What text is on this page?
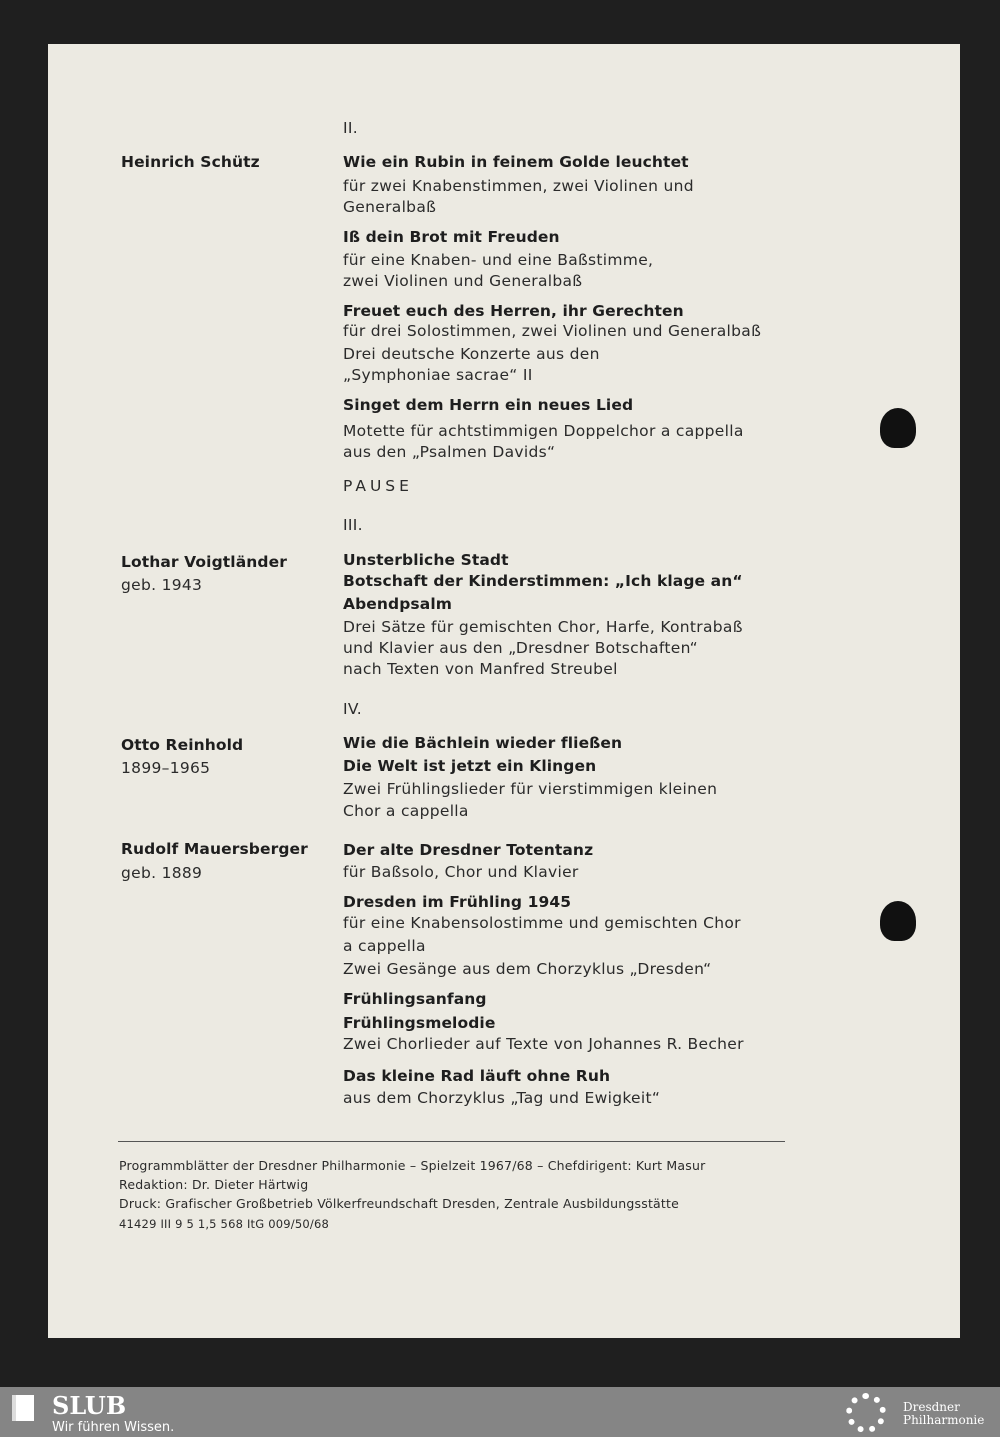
II.
Heinrich Schütz	Wie ein Rubin in feinem Golde leuchtet
für zwei Knabenstimmen, zwei Violinen und
Generalbaß
Iß dein Brot mit Freuden
für eine Knaben- und eine Baßstimme,
zwei Violinen und Generalbaß
Freuet euch des Herren, ihr Gerechten
für drei Solostimmen, zwei Violinen und Generalbaß
Drei deutsche Konzerte aus den
„Symphoniae sacrae“ II
Singet dem Herrn ein neues Lied
Motette für achtstimmigen Doppelchor a cappella
aus den „Psalmen Davids“
PAUSE
III.
Lothar Voigtländer
geb. 1943
Unsterbliche Stadt
Botschaft der Kinderstimmen: „Ich klage an“
Abendpsalm
Drei Sätze für gemischten Chor, Harfe, Kontrabaß
und Klavier aus den „Dresdner Botschaften“
nach Texten von Manfred Streubel
IV.
Otto Reinhold
1899–1965
Wie die Bächlein wieder fließen
Die Welt ist jetzt ein Klingen
Zwei Frühlingslieder für vierstimmigen kleinen
Chor a cappella
Rudolf Mauersberger
geb. 1889
Der alte Dresdner Totentanz
für Baßsolo, Chor und Klavier
Dresden im Frühling 1945
für eine Knabensolostimme und gemischten Chor
a cappella
Zwei Gesänge aus dem Chorzyklus „Dresden“
Frühlingsanfang
Frühlingsmelodie
Zwei Chorlieder auf Texte von Johannes R. Becher
Das kleine Rad läuft ohne Ruh
aus dem Chorzyklus „Tag und Ewigkeit“
Programmblätter der Dresdner Philharmonie – Spielzeit 1967/68 – Chefdirigent: Kurt Masur
Redaktion: Dr. Dieter Härtwig
Druck: Grafischer Großbetrieb Völkerfreundschaft Dresden, Zentrale Ausbildungsstätte
41429 III 9 5 1,5 568 ItG 009/50/68
SLUB
Wir führen Wissen.
Dresdner
Philharmonie
